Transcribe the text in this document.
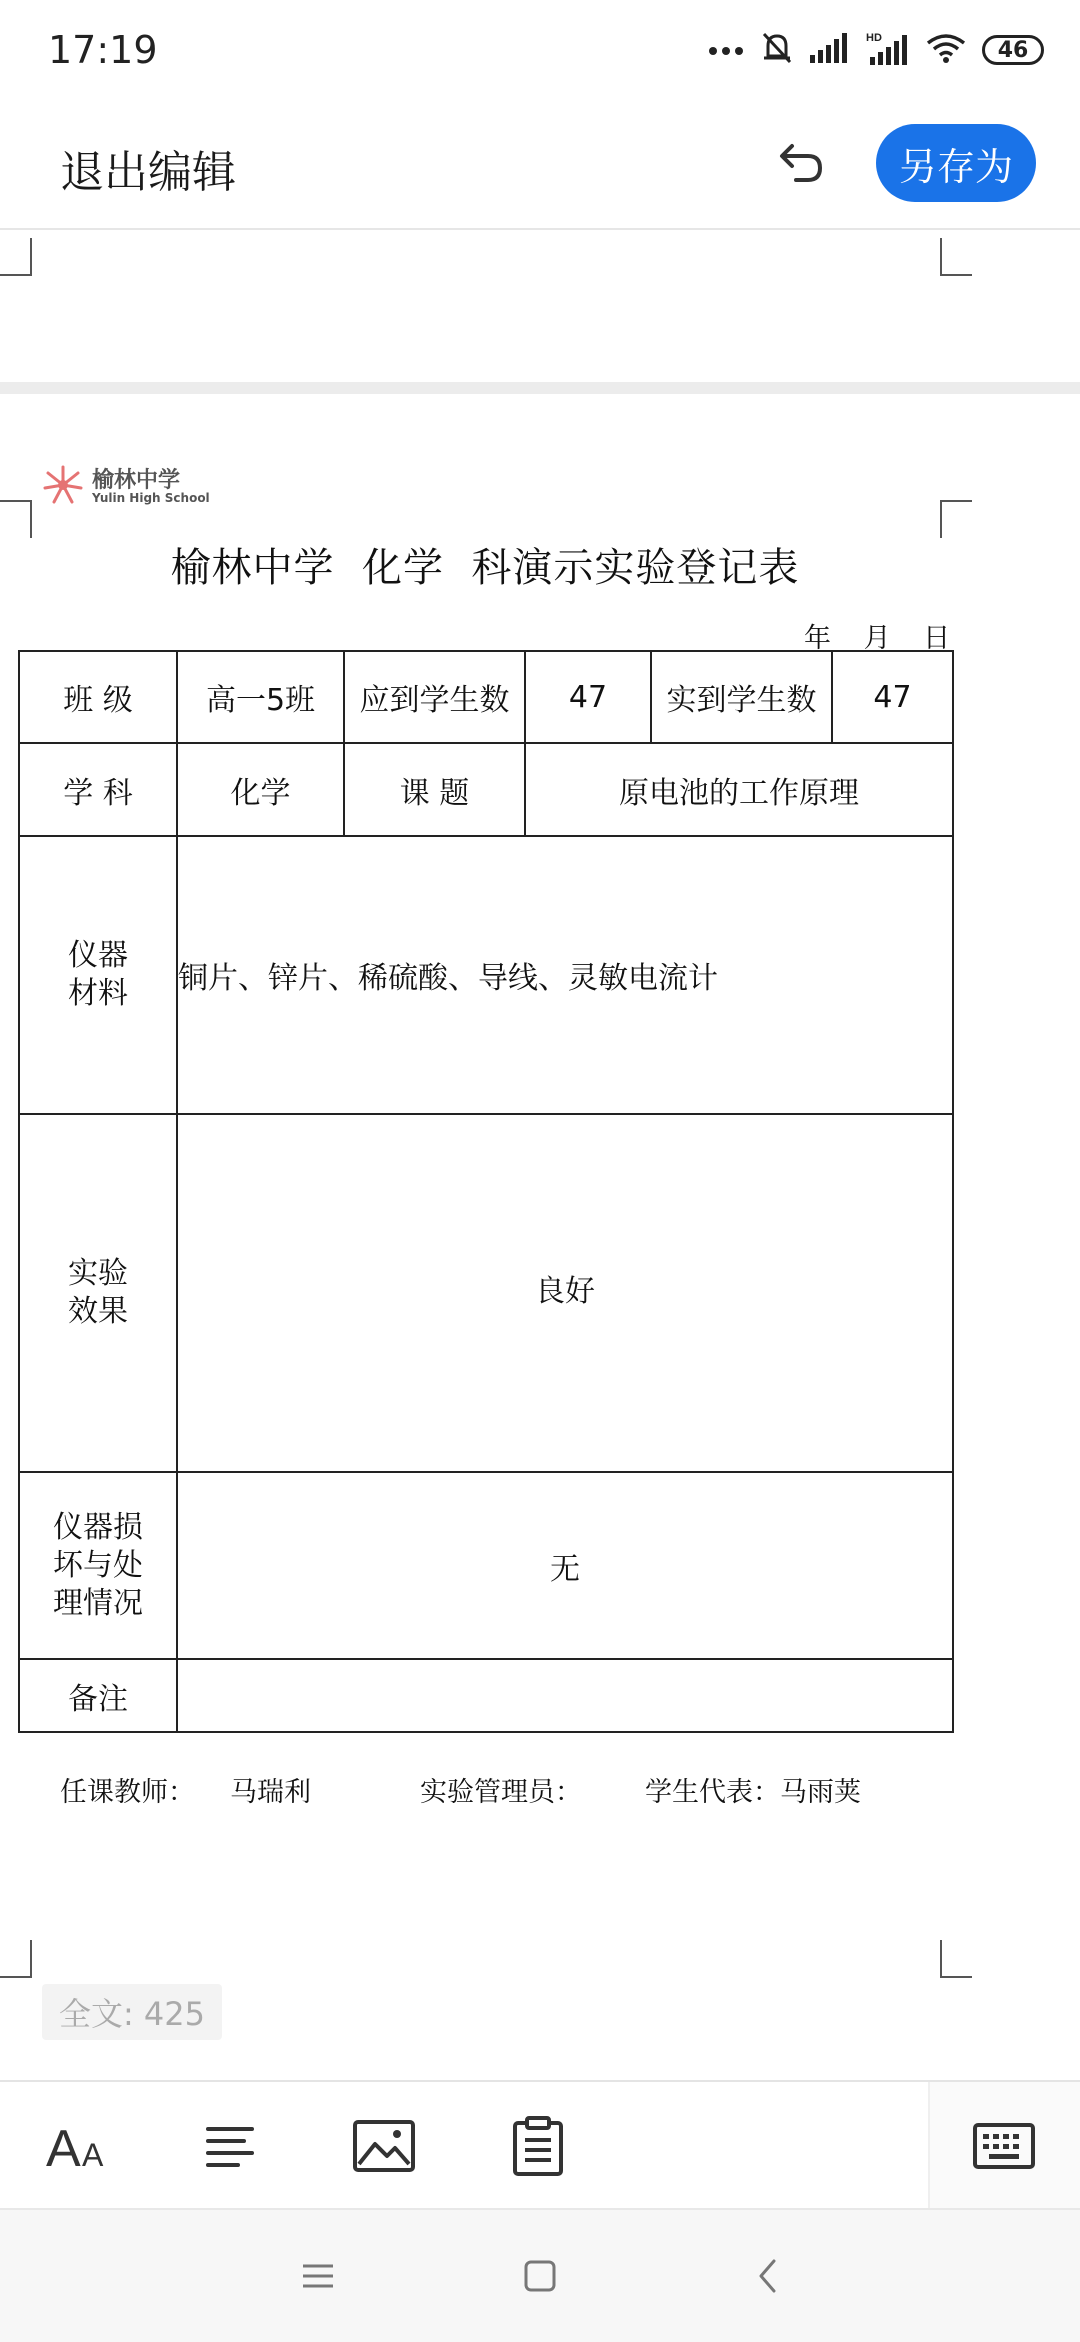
17:19	HD	46
退出编辑	另存为
榆林中学
Yulin High School
榆林中学  化学  科演示实验登记表
年 月 日
班 级	高一5班	应到学生数	47	实到学生数	47
学 科	化学	课 题	原电池的工作原理		

仪器
材料	铜片、锌片、稀硫酸、导线、灵敏电流计				

实验
效果	良好				

仪器损
坏与处
理情况	无				
备注					
任课教师： 马瑞利	实验管理员： 学生代表：马雨荚
全文: 425
A A
